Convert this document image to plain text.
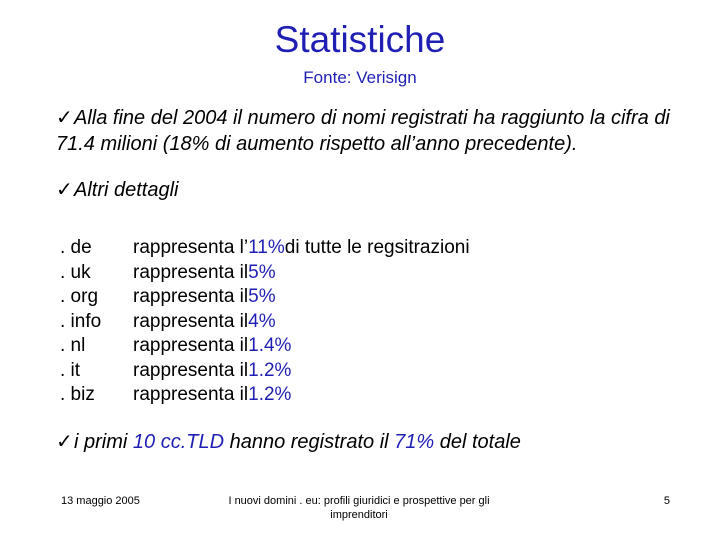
Statistiche
Fonte: Verisign
✓Alla fine del 2004 il numero di nomi registrati ha raggiunto la cifra di 71.4 milioni (18% di aumento rispetto all’anno precedente).
✓Altri dettagli
. de	rappresenta l’ 11% di tutte le regsitrazioni
. uk	rappresenta il 5%
. org	rappresenta il 5%
. info	rappresenta il 4%
. nl	rappresenta il 1.4%
. it	rappresenta il 1.2%
. biz	rappresenta il 1.2%
✓i primi 10 cc.TLD hanno registrato il 71% del totale
13 maggio 2005	I nuovi domini . eu: profili giuridici e prospettive per gli imprenditori
5
